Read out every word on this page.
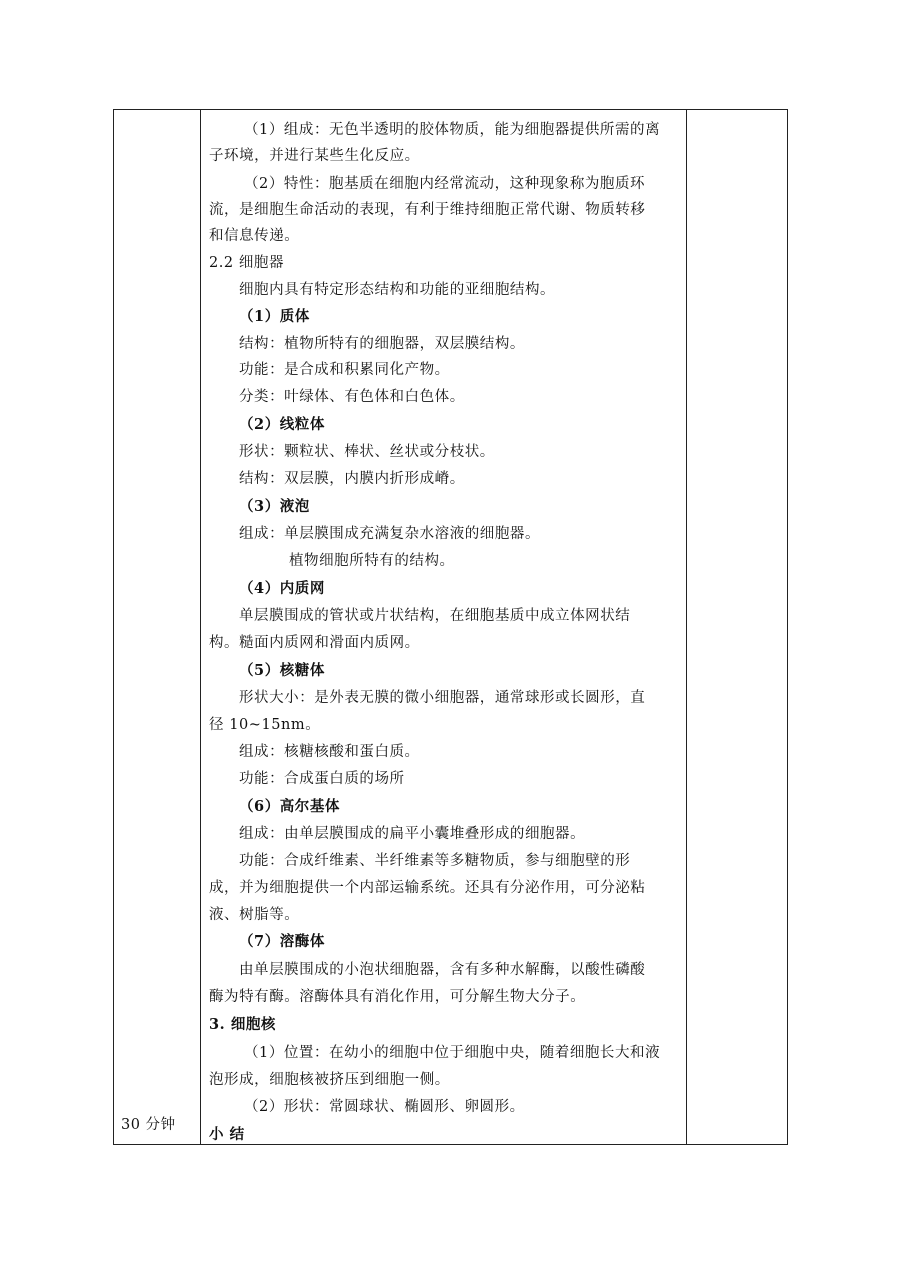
30 分钟
（1）组成：无色半透明的胶体物质，能为细胞器提供所需的离
子环境，并进行某些生化反应。
（2）特性：胞基质在细胞内经常流动，这种现象称为胞质环
流，是细胞生命活动的表现，有利于维持细胞正常代谢、物质转移
和信息传递。
2.2 细胞器
细胞内具有特定形态结构和功能的亚细胞结构。
（1）质体
结构：植物所特有的细胞器，双层膜结构。
功能：是合成和积累同化产物。
分类：叶绿体、有色体和白色体。
（2）线粒体
形状：颗粒状、棒状、丝状或分枝状。
结构：双层膜，内膜内折形成嵴。
（3）液泡
组成：单层膜围成充满复杂水溶液的细胞器。
植物细胞所特有的结构。
（4）内质网
单层膜围成的管状或片状结构，在细胞基质中成立体网状结
构。糙面内质网和滑面内质网。
（5）核糖体
形状大小：是外表无膜的微小细胞器，通常球形或长圆形，直
径 10~15nm。
组成：核糖核酸和蛋白质。
功能：合成蛋白质的场所
（6）高尔基体
组成：由单层膜围成的扁平小囊堆叠形成的细胞器。
功能：合成纤维素、半纤维素等多糖物质，参与细胞壁的形
成，并为细胞提供一个内部运输系统。还具有分泌作用，可分泌粘
液、树脂等。
（7）溶酶体
由单层膜围成的小泡状细胞器，含有多种水解酶，以酸性磷酸
酶为特有酶。溶酶体具有消化作用，可分解生物大分子。
3. 细胞核
（1）位置：在幼小的细胞中位于细胞中央，随着细胞长大和液
泡形成，细胞核被挤压到细胞一侧。
（2）形状：常圆球状、椭圆形、卵圆形。
小 结
